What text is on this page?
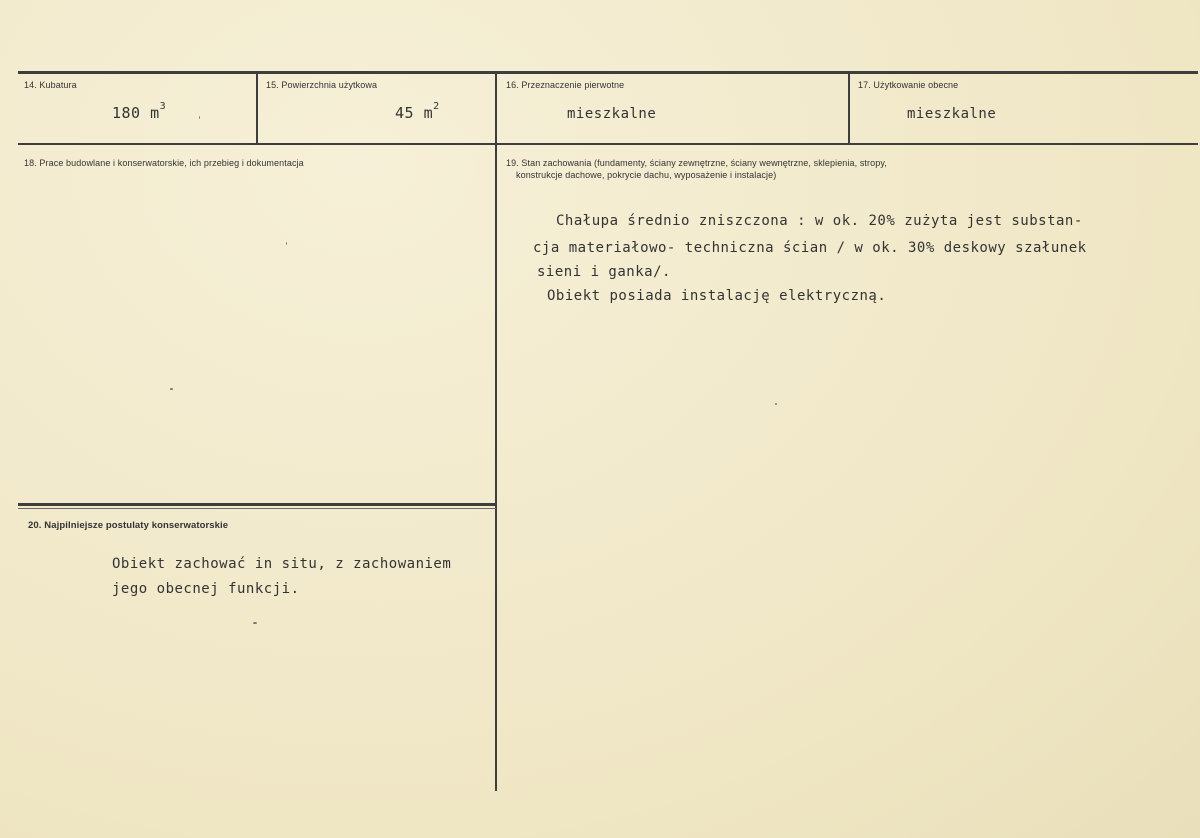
14. Kubatura
180 $m^3$
15. Powierzchnia użytkowa
45 $m^2$
16. Przeznaczenie pierwotne
mieszkalne
17. Użytkowanie obecne
mieszkalne
18. Prace budowlane i konserwatorskie, ich przebieg i dokumentacja	19. Stan zachowania (fundamenty, ściany zewnętrzne, ściany wewnętrzne, sklepienia, stropy,
konstrukcje dachowe, pokrycie dachu, wyposażenie i instalacje)
Chałupa średnio zniszczona : w ok. 20% zużyta jest substan-
cja materiałowo- techniczna ścian / w ok. 30% deskowy szałunek
sieni i ganka/.
Obiekt posiada instalację elektryczną.
20. Najpilniejsze postulaty konserwatorskie
Obiekt zachować in situ, z zachowaniem
jego obecnej funkcji.
